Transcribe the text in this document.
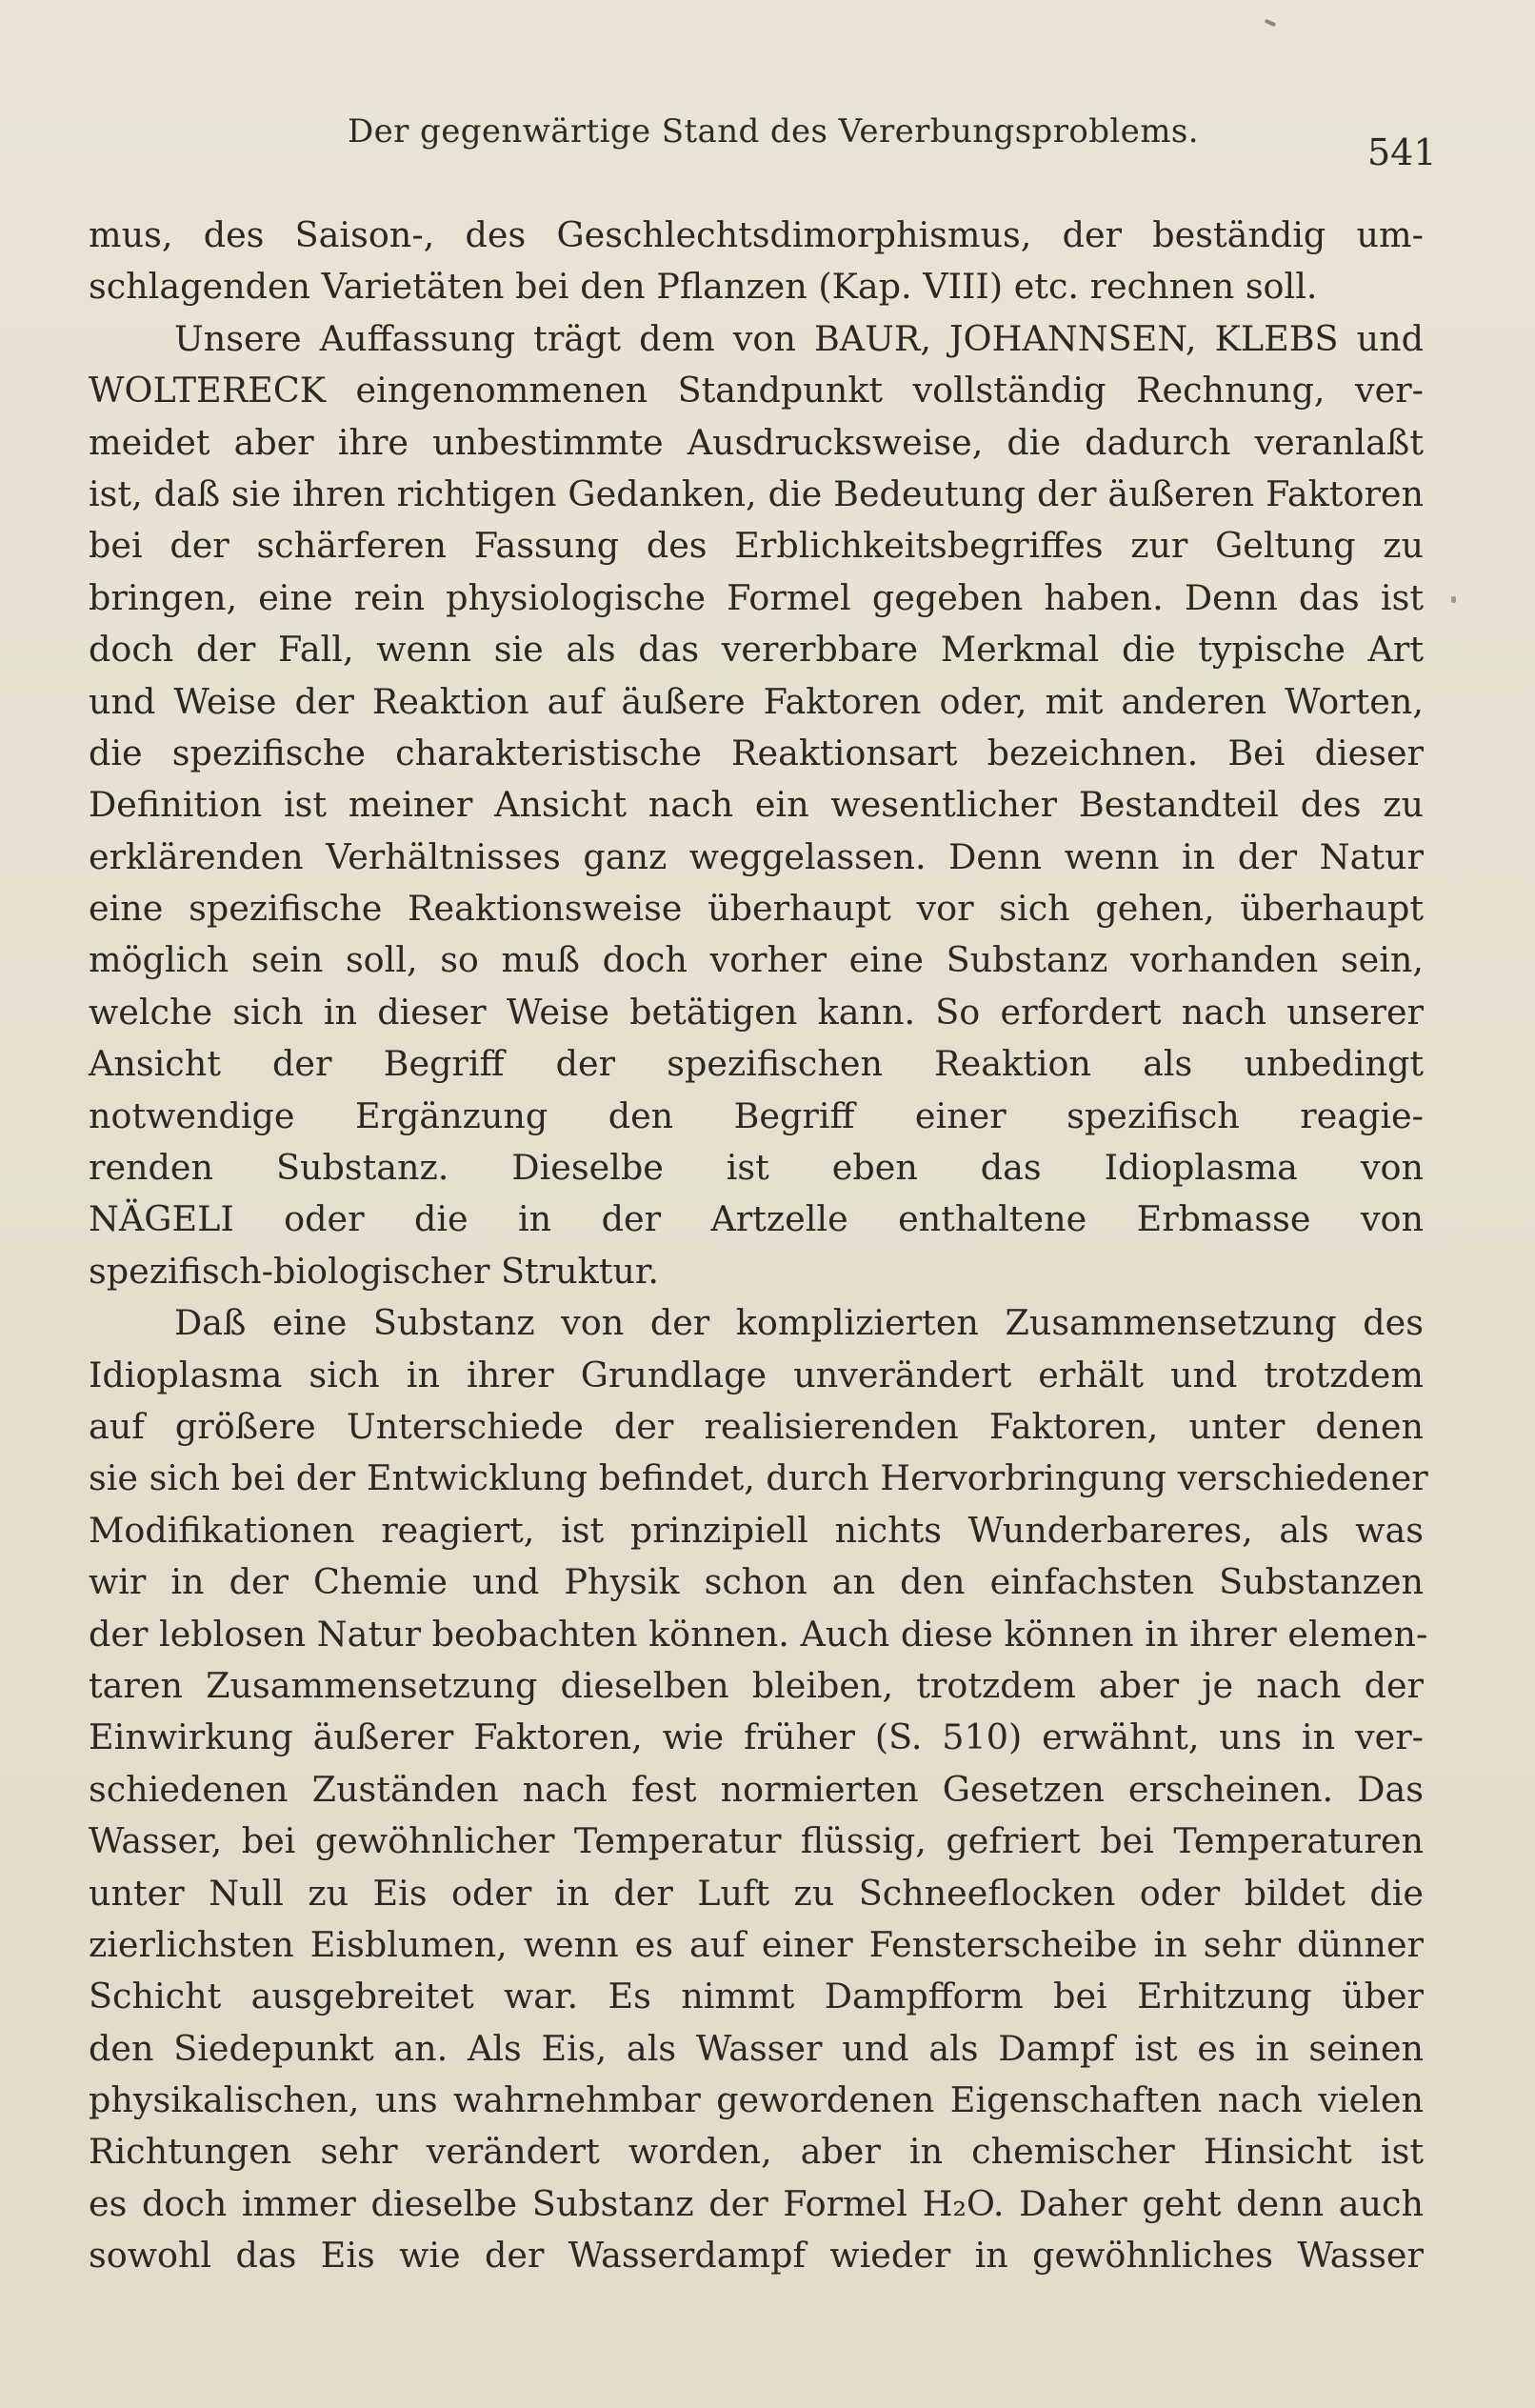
Der gegenwärtige Stand des Vererbungsproblems.	541
mus, des Saison-, des Geschlechtsdimorphismus, der beständig um-
schlagenden Varietäten bei den Pflanzen (Kap. VIII) etc. rechnen soll.
Unsere Auffassung trägt dem von BAUR, JOHANNSEN, KLEBS und
WOLTERECK eingenommenen Standpunkt vollständig Rechnung, ver-
meidet aber ihre unbestimmte Ausdrucksweise, die dadurch veranlaßt
ist, daß sie ihren richtigen Gedanken, die Bedeutung der äußeren Faktoren
bei der schärferen Fassung des Erblichkeitsbegriffes zur Geltung zu
bringen, eine rein physiologische Formel gegeben haben. Denn das ist
doch der Fall, wenn sie als das vererbbare Merkmal die typische Art
und Weise der Reaktion auf äußere Faktoren oder, mit anderen Worten,
die spezifische charakteristische Reaktionsart bezeichnen. Bei dieser
Definition ist meiner Ansicht nach ein wesentlicher Bestandteil des zu
erklärenden Verhältnisses ganz weggelassen. Denn wenn in der Natur
eine spezifische Reaktionsweise überhaupt vor sich gehen, überhaupt
möglich sein soll, so muß doch vorher eine Substanz vorhanden sein,
welche sich in dieser Weise betätigen kann. So erfordert nach unserer
Ansicht der Begriff der spezifischen Reaktion als unbedingt
notwendige Ergänzung den Begriff einer spezifisch reagie-
renden Substanz. Dieselbe ist eben das Idioplasma von
NÄGELI oder die in der Artzelle enthaltene Erbmasse von
spezifisch-biologischer Struktur.
Daß eine Substanz von der komplizierten Zusammensetzung des
Idioplasma sich in ihrer Grundlage unverändert erhält und trotzdem
auf größere Unterschiede der realisierenden Faktoren, unter denen
sie sich bei der Entwicklung befindet, durch Hervorbringung verschiedener
Modifikationen reagiert, ist prinzipiell nichts Wunderbareres, als was
wir in der Chemie und Physik schon an den einfachsten Substanzen
der leblosen Natur beobachten können. Auch diese können in ihrer elemen-
taren Zusammensetzung dieselben bleiben, trotzdem aber je nach der
Einwirkung äußerer Faktoren, wie früher (S. 510) erwähnt, uns in ver-
schiedenen Zuständen nach fest normierten Gesetzen erscheinen. Das
Wasser, bei gewöhnlicher Temperatur flüssig, gefriert bei Temperaturen
unter Null zu Eis oder in der Luft zu Schneeflocken oder bildet die
zierlichsten Eisblumen, wenn es auf einer Fensterscheibe in sehr dünner
Schicht ausgebreitet war. Es nimmt Dampfform bei Erhitzung über
den Siedepunkt an. Als Eis, als Wasser und als Dampf ist es in seinen
physikalischen, uns wahrnehmbar gewordenen Eigenschaften nach vielen
Richtungen sehr verändert worden, aber in chemischer Hinsicht ist
es doch immer dieselbe Substanz der Formel H₂O. Daher geht denn auch
sowohl das Eis wie der Wasserdampf wieder in gewöhnliches Wasser
